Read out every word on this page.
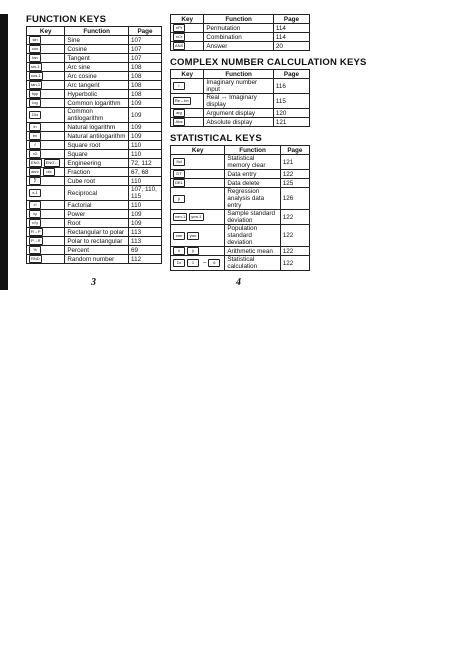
FUNCTION KEYS
Key	Function	Page
sin	Sine	107
cos	Cosine	107
tan	Tangent	107
sin-1	Arc sine	108
cos-1	Arc cosine	108
tan-1	Arc tangent	108
hyp	Hyperbolic	108
log	Common logarithm	109
10x	Common antilogarithm	109
ln	Natural logarithm	109
ex	Natural antilogarithm	109
√	Square root	110
x2	Square	110
ENG ENG←	Engineering	72, 112
ab/c d/c	Fraction	67, 68
∛	Cube root	110
x-1	Reciprocal	107, 110, 115
x!	Factorial	110
xy	Power	109
x√y	Root	109
R→P	Rectangular to polar	113
P→R	Polar to rectangular	113
%	Percent	69
RND	Random number	112
Key	Function	Page
nPr	Permutation	114
nCr	Combination	114
ANS	Answer	20
COMPLEX NUMBER CALCULATION KEYS
Key	Function	Page
i	Imaginary number input	116
Re↔Im	Real ↔ Imaginary display	115
arg	Argument display	120
Abs	Absolute display	121
STATISTICAL KEYS
Key	Function	Page
Scl	Statistical memory clear	121
DT	Data entry	122
DEL	Data delete	125
ŷ	Regression analysis data entry	126
xσn-1 yσn-1	Sample standard deviation	122
xσn yσn	Population standard deviation	122
x̄ ȳ	Arithmetic mean	122
Σx 1 – 6	Statistical calculation	122
3	4
